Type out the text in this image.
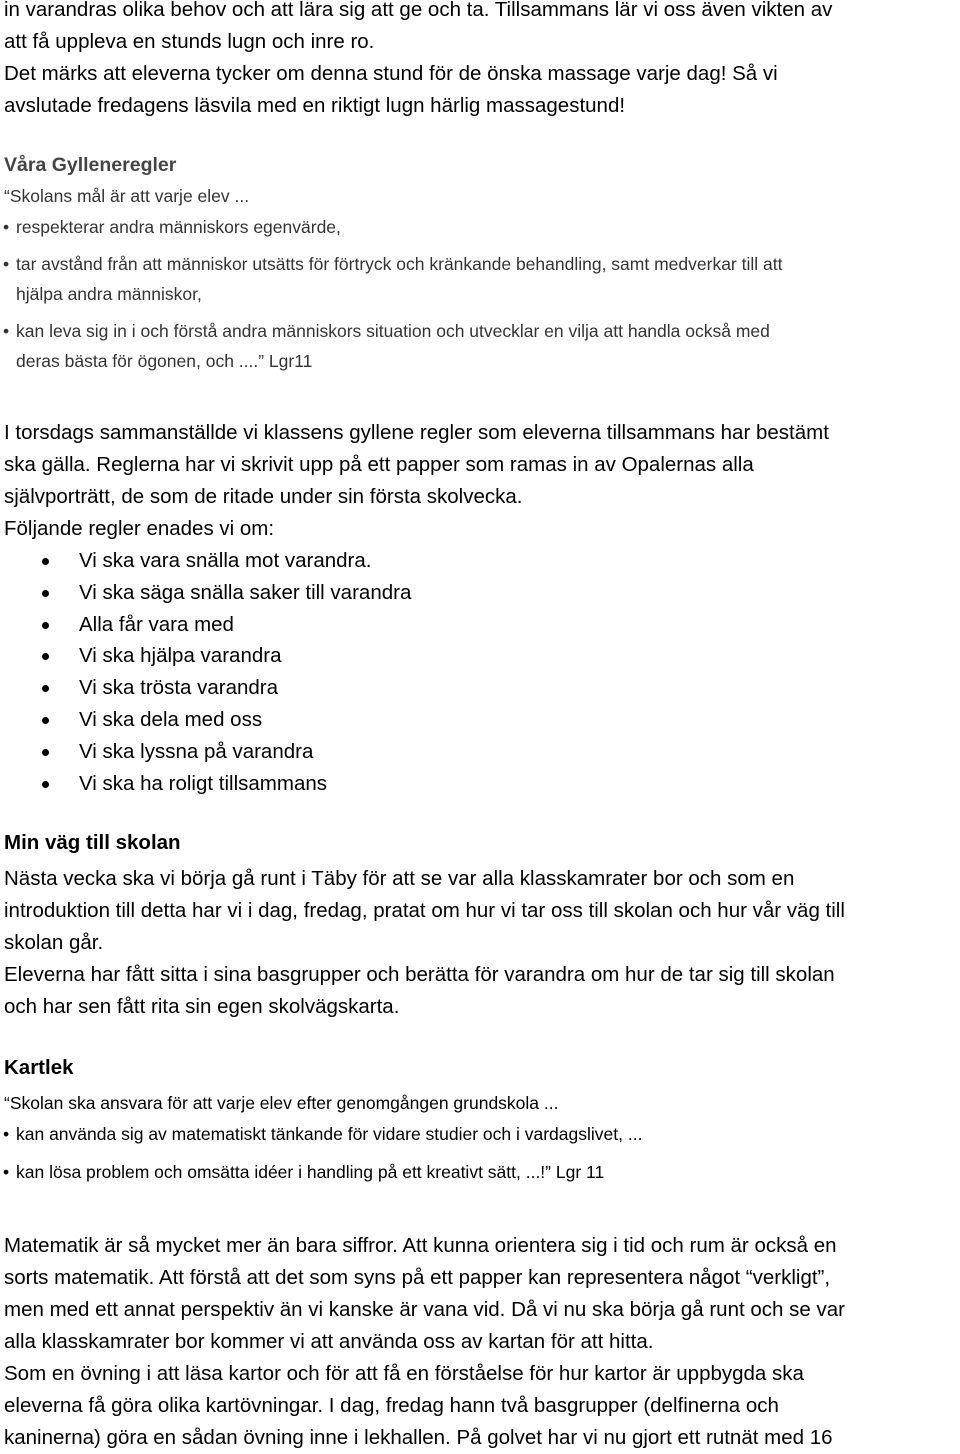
in varandras olika behov och att lära sig att ge och ta. Tillsammans lär vi oss även vikten av

att få uppleva en stunds lugn och inre ro.

Det märks att eleverna tycker om denna stund för de önska massage varje dag! Så vi

avslutade fredagens läsvila med en riktigt lugn härlig massagestund!

Våra Gylleneregler

“Skolans mål är att varje elev ...

• respekterar andra människors egenvärde,

• tar avstånd från att människor utsätts för förtryck och kränkande behandling, samt medverkar till att
hjälpa andra människor,

• kan leva sig in i och förstå andra människors situation och utvecklar en vilja att handla också med
deras bästa för ögonen, och ....” Lgr11

I torsdags sammanställde vi klassens gyllene regler som eleverna tillsammans har bestämt

ska gälla. Reglerna har vi skrivit upp på ett papper som ramas in av Opalernas alla

självporträtt, de som de ritade under sin första skolvecka.

Följande regler enades vi om:

Vi ska vara snälla mot varandra.
Vi ska säga snälla saker till varandra
Alla får vara med
Vi ska hjälpa varandra
Vi ska trösta varandra
Vi ska dela med oss
Vi ska lyssna på varandra
Vi ska ha roligt tillsammans

Min väg till skolan

Nästa vecka ska vi börja gå runt i Täby för att se var alla klasskamrater bor och som en

introduktion till detta har vi i dag, fredag, pratat om hur vi tar oss till skolan och hur vår väg till

skolan går.

Eleverna har fått sitta i sina basgrupper och berätta för varandra om hur de tar sig till skolan

och har sen fått rita sin egen skolvägskarta.

Kartlek

“Skolan ska ansvara för att varje elev efter genomgången grundskola ...

• kan använda sig av matematiskt tänkande för vidare studier och i vardagslivet, ...

• kan lösa problem och omsätta idéer i handling på ett kreativt sätt, ...!” Lgr 11

Matematik är så mycket mer än bara siffror. Att kunna orientera sig i tid och rum är också en

sorts matematik. Att förstå att det som syns på ett papper kan representera något “verkligt”,

men med ett annat perspektiv än vi kanske är vana vid. Då vi nu ska börja gå runt och se var

alla klasskamrater bor kommer vi att använda oss av kartan för att hitta.

Som en övning i att läsa kartor och för att få en förståelse för hur kartor är uppbygda ska

eleverna få göra olika kartövningar. I dag, fredag hann två basgrupper (delfinerna och

kaninerna) göra en sådan övning inne i lekhallen. På golvet har vi nu gjort ett rutnät med 16
